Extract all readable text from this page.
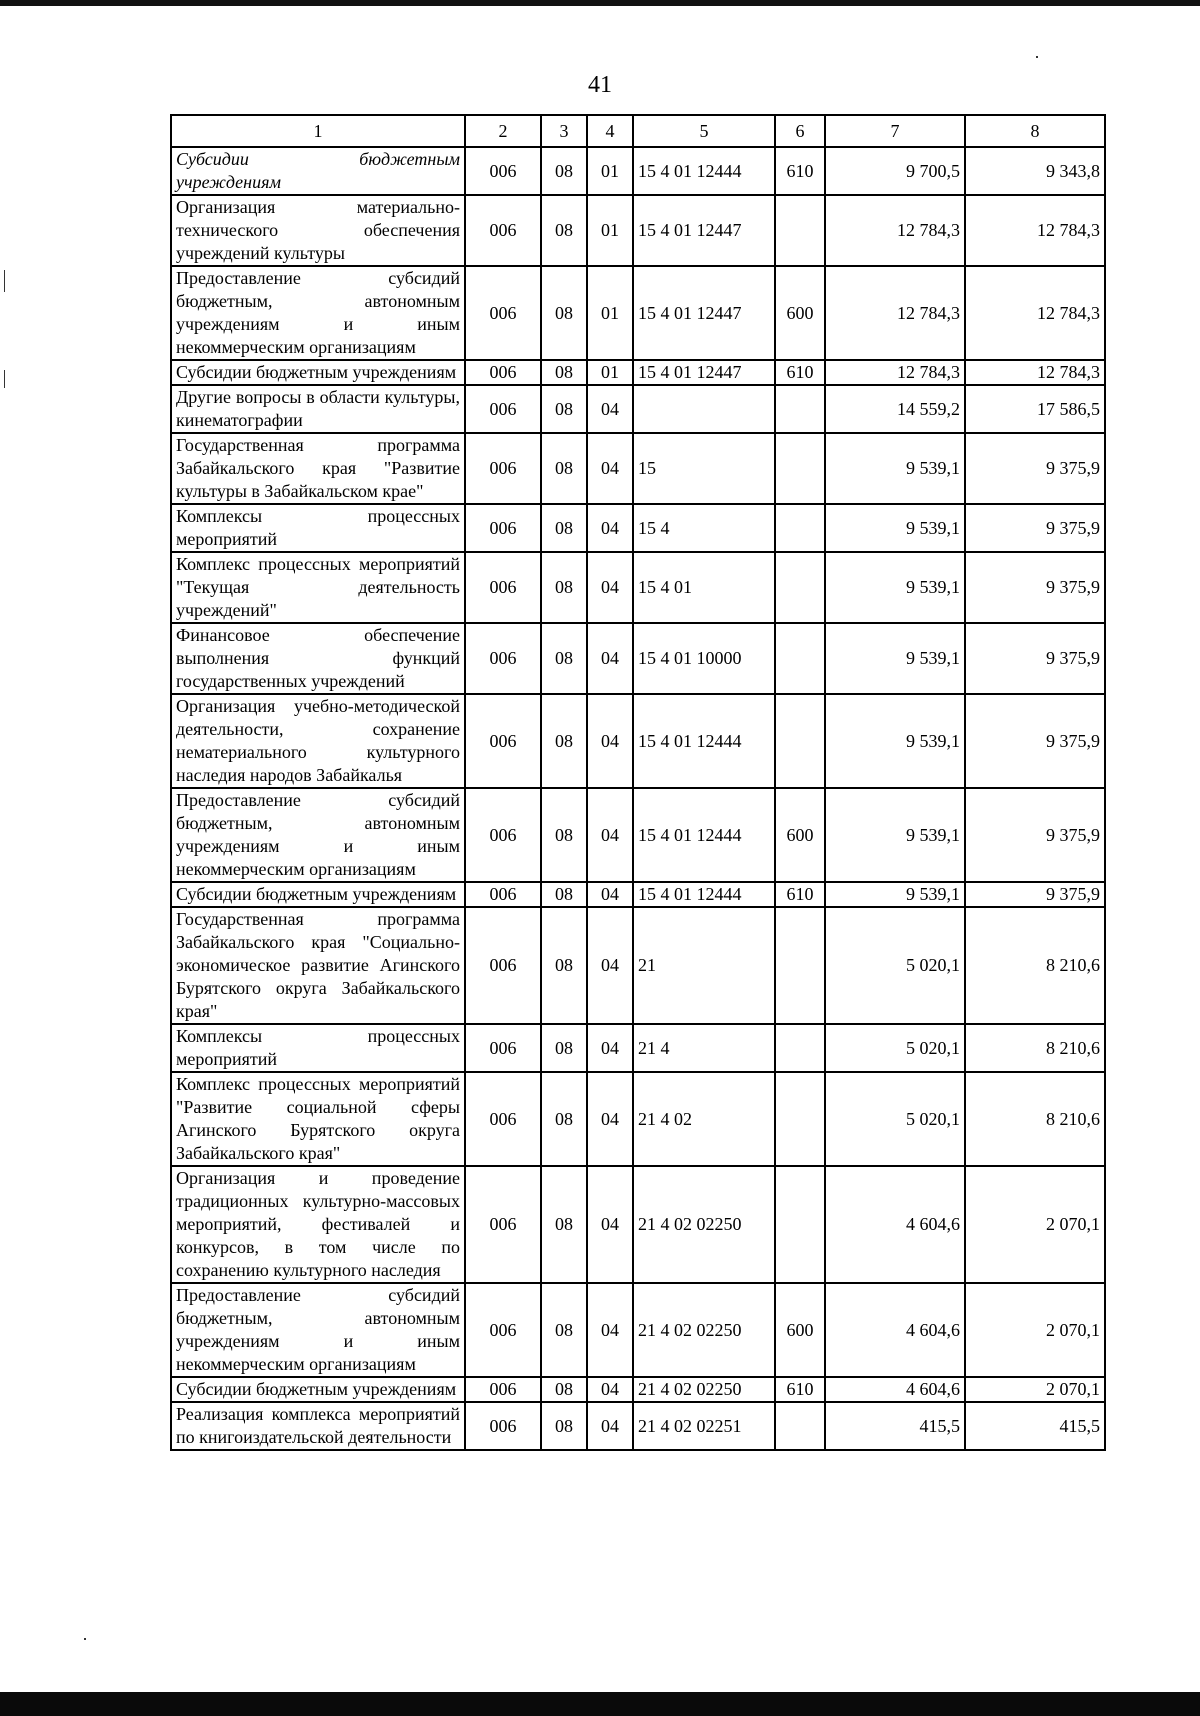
41
1	2	3	4	5	6	7	8
Субсидии бюджетным учреждениям	006	08	01	15 4 01 12444	610	9 700,5	9 343,8
Организация материально-технического обеспечения учреждений культуры	006	08	01	15 4 01 12447		12 784,3	12 784,3
Предоставление субсидий бюджетным, автономным учреждениям и иным некоммерческим организациям	006	08	01	15 4 01 12447	600	12 784,3	12 784,3
Субсидии бюджетным учреждениям	006	08	01	15 4 01 12447	610	12 784,3	12 784,3
Другие вопросы в области культуры, кинематографии	006	08	04			14 559,2	17 586,5
Государственная программа Забайкальского края "Развитие культуры в Забайкальском крае"	006	08	04	15		9 539,1	9 375,9
Комплексы процессных мероприятий	006	08	04	15 4		9 539,1	9 375,9
Комплекс процессных мероприятий "Текущая деятельность учреждений"	006	08	04	15 4 01		9 539,1	9 375,9
Финансовое обеспечение выполнения функций государственных учреждений	006	08	04	15 4 01 10000		9 539,1	9 375,9
Организация учебно-методической деятельности, сохранение нематериального культурного наследия народов Забайкалья	006	08	04	15 4 01 12444		9 539,1	9 375,9
Предоставление субсидий бюджетным, автономным учреждениям и иным некоммерческим организациям	006	08	04	15 4 01 12444	600	9 539,1	9 375,9
Субсидии бюджетным учреждениям	006	08	04	15 4 01 12444	610	9 539,1	9 375,9
Государственная программа Забайкальского края "Социально-экономическое развитие Агинского Бурятского округа Забайкальского края"	006	08	04	21		5 020,1	8 210,6
Комплексы процессных мероприятий	006	08	04	21 4		5 020,1	8 210,6
Комплекс процессных мероприятий "Развитие социальной сферы Агинского Бурятского округа Забайкальского края"	006	08	04	21 4 02		5 020,1	8 210,6
Организация и проведение традиционных культурно-массовых мероприятий, фестивалей и конкурсов, в том числе по сохранению культурного наследия	006	08	04	21 4 02 02250		4 604,6	2 070,1
Предоставление субсидий бюджетным, автономным учреждениям и иным некоммерческим организациям	006	08	04	21 4 02 02250	600	4 604,6	2 070,1
Субсидии бюджетным учреждениям	006	08	04	21 4 02 02250	610	4 604,6	2 070,1
Реализация комплекса мероприятий по книгоиздательской деятельности	006	08	04	21 4 02 02251		415,5	415,5
